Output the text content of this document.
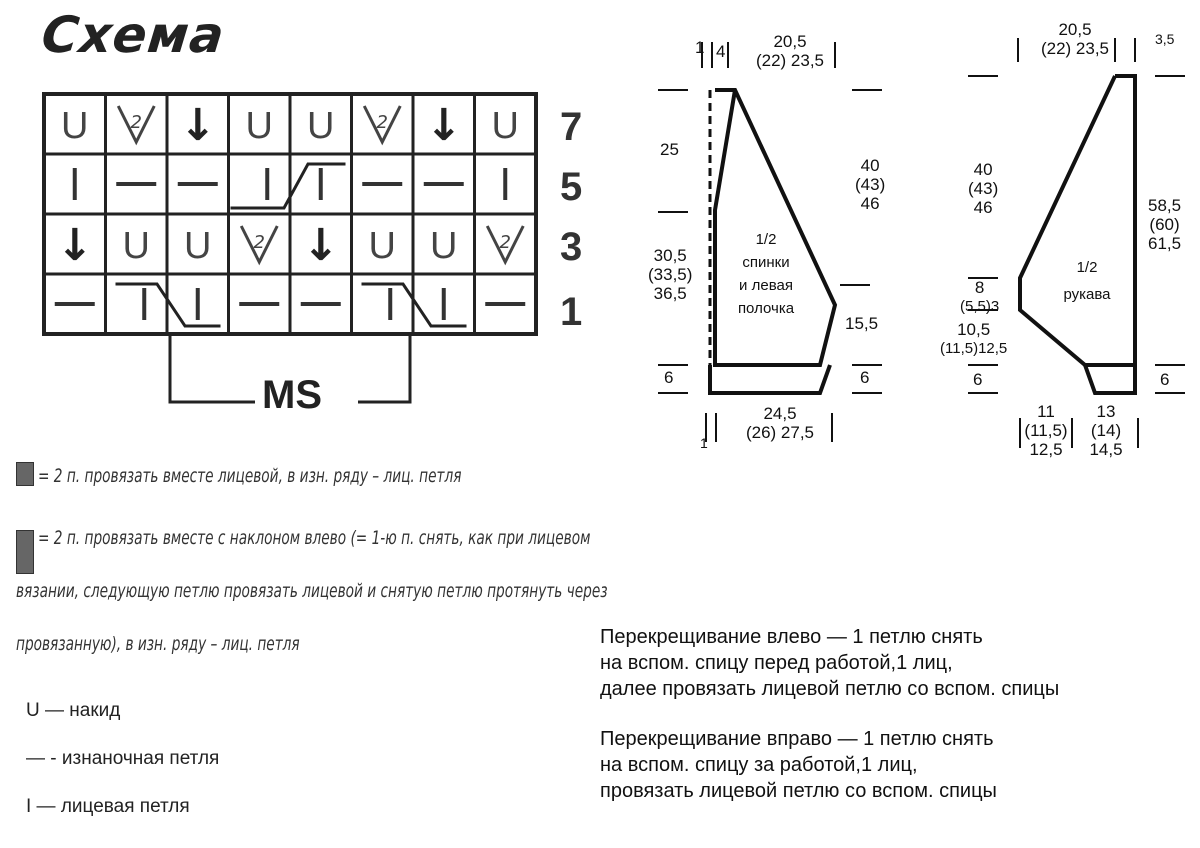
Схема
U 2 ↓ U U 2 ↓ U
↓ U U 2 ↓ U U 2
MS
7
5
3
1
= 2 п. провязать вместе лицевой, в изн. ряду – лиц. петля
= 2 п. провязать вместе с наклоном влево (= 1-ю п. снять, как при лицевом
вязании, следующую петлю провязать лицевой и снятую петлю протянуть через
провязанную), в изн. ряду – лиц. петля
U — накид
— - изнаночная петля
I — лицевая петля
Перекрещивание влево — 1 петлю снять
на вспом. спицу перед работой,1 лиц,
далее провязать лицевой петлю со вспом. спицы
Перекрещивание вправо — 1 петлю снять
на вспом. спицу за работой,1 лиц,
провязать лицевой петлю со вспом. спицы
1 4
20,5
(22) 23,5
25
30,5
(33,5)
36,5
6
40
(43)
46
15,5
6
1/2
спинки
и левая
полочка
24,5
(26) 27,5
1
20,5
(22) 23,5	3,5
40
(43)
46
8
(5,5)3
10,5
(11,5)12,5
6
58,5
(60)
61,5
6
1/2
рукава
11
(11,5)
12,5
13
(14)
14,5
